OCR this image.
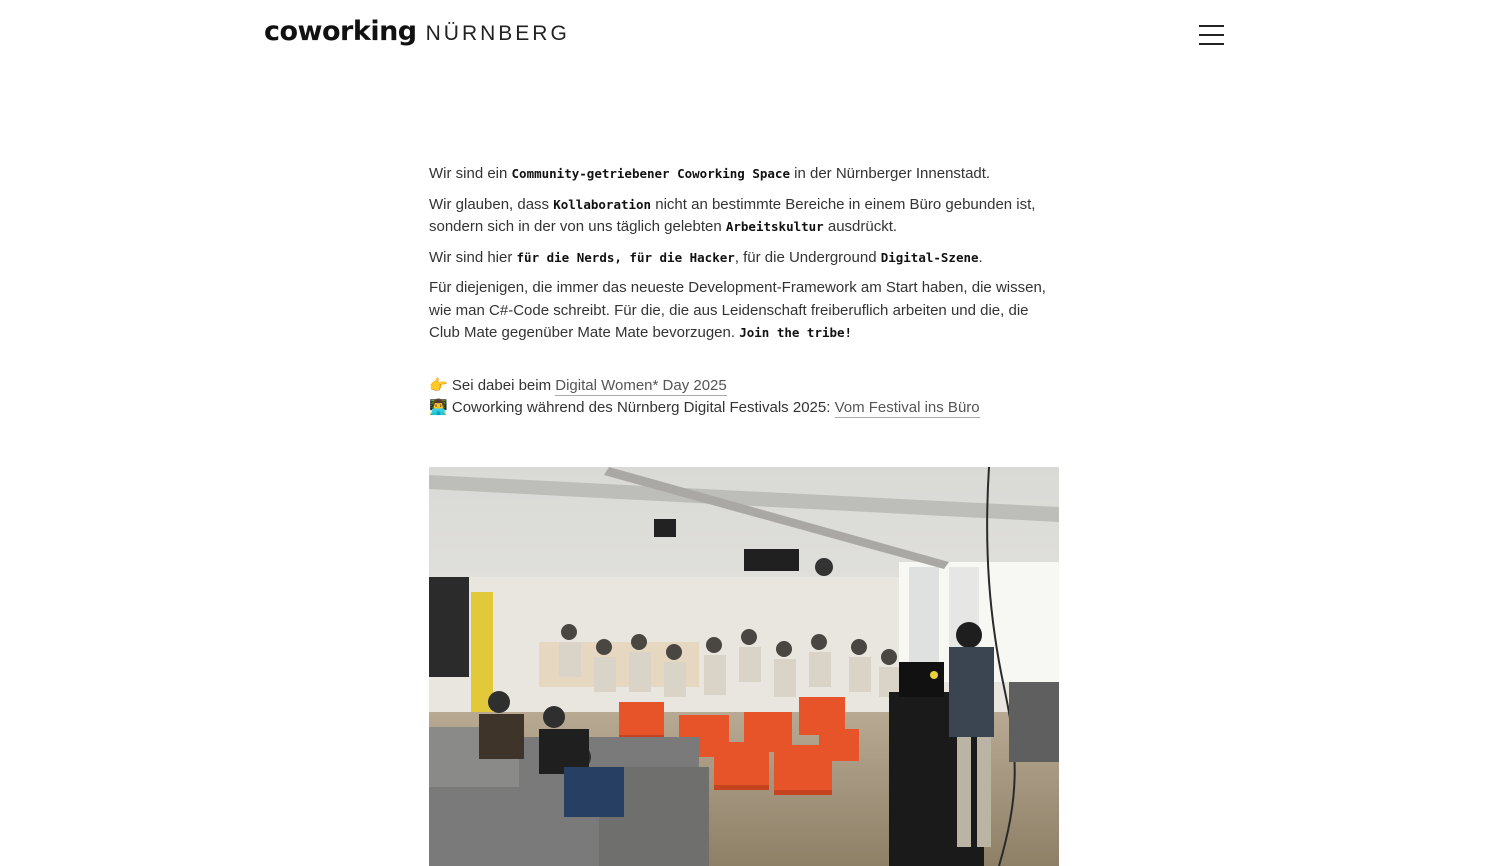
coworking NÜRNBERG

Wir sind ein Community-getriebener Coworking Space in der Nürnberger Innenstadt.

Wir glauben, dass Kollaboration nicht an bestimmte Bereiche in einem Büro gebunden ist, sondern sich in der von uns täglich gelebten Arbeitskultur ausdrückt.

Wir sind hier für die Nerds, für die Hacker, für die Underground Digital-Szene.

Für diejenigen, die immer das neueste Development-Framework am Start haben, die wissen, wie man C#-Code schreibt. Für die, die aus Leidenschaft freiberuflich arbeiten und die, die Club Mate gegenüber Mate Mate bevorzugen. Join the tribe!

👉 Sei dabei beim Digital Women* Day 2025
👨‍💻 Coworking während des Nürnberg Digital Festivals 2025: Vom Festival ins Büro
